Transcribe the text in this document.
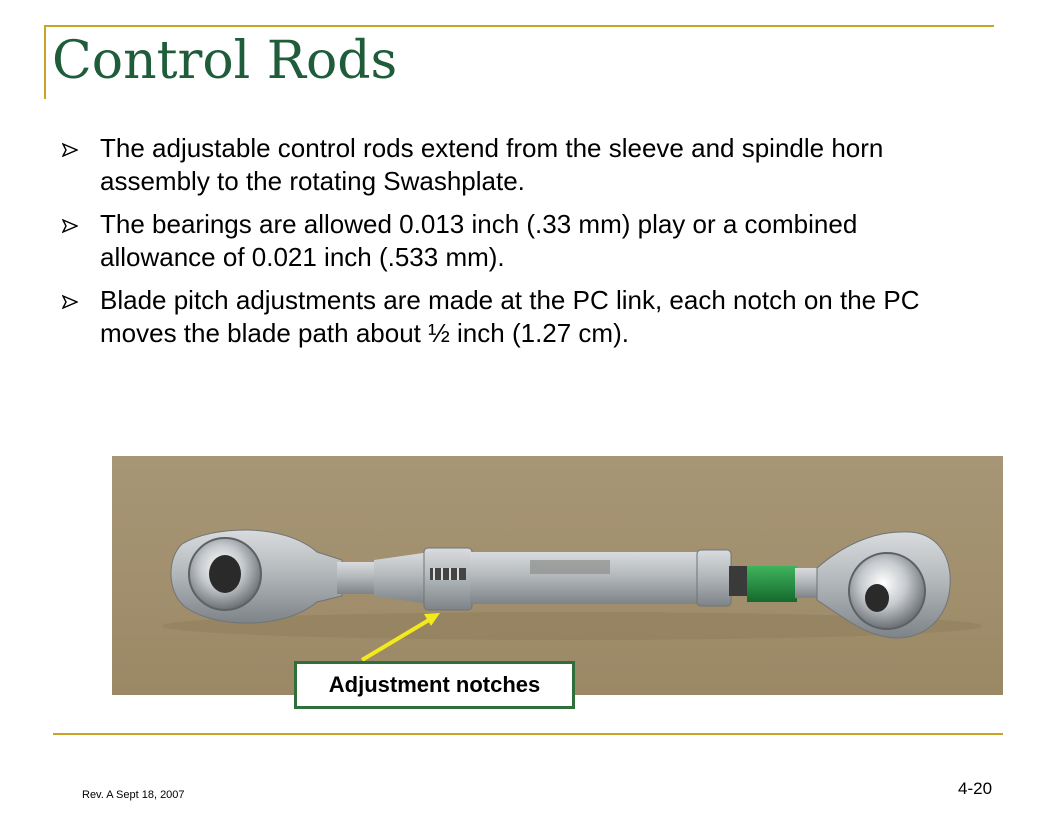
Control Rods
The adjustable control rods extend from the sleeve and spindle horn assembly to the rotating Swashplate.
The bearings are allowed 0.013 inch (.33 mm) play or a combined allowance of 0.021 inch (.533 mm).
Blade pitch adjustments are made at the PC link, each notch on the PC moves the blade path about ½ inch (1.27 cm).
Adjustment notches
Rev. A Sept 18, 2007	4-20
